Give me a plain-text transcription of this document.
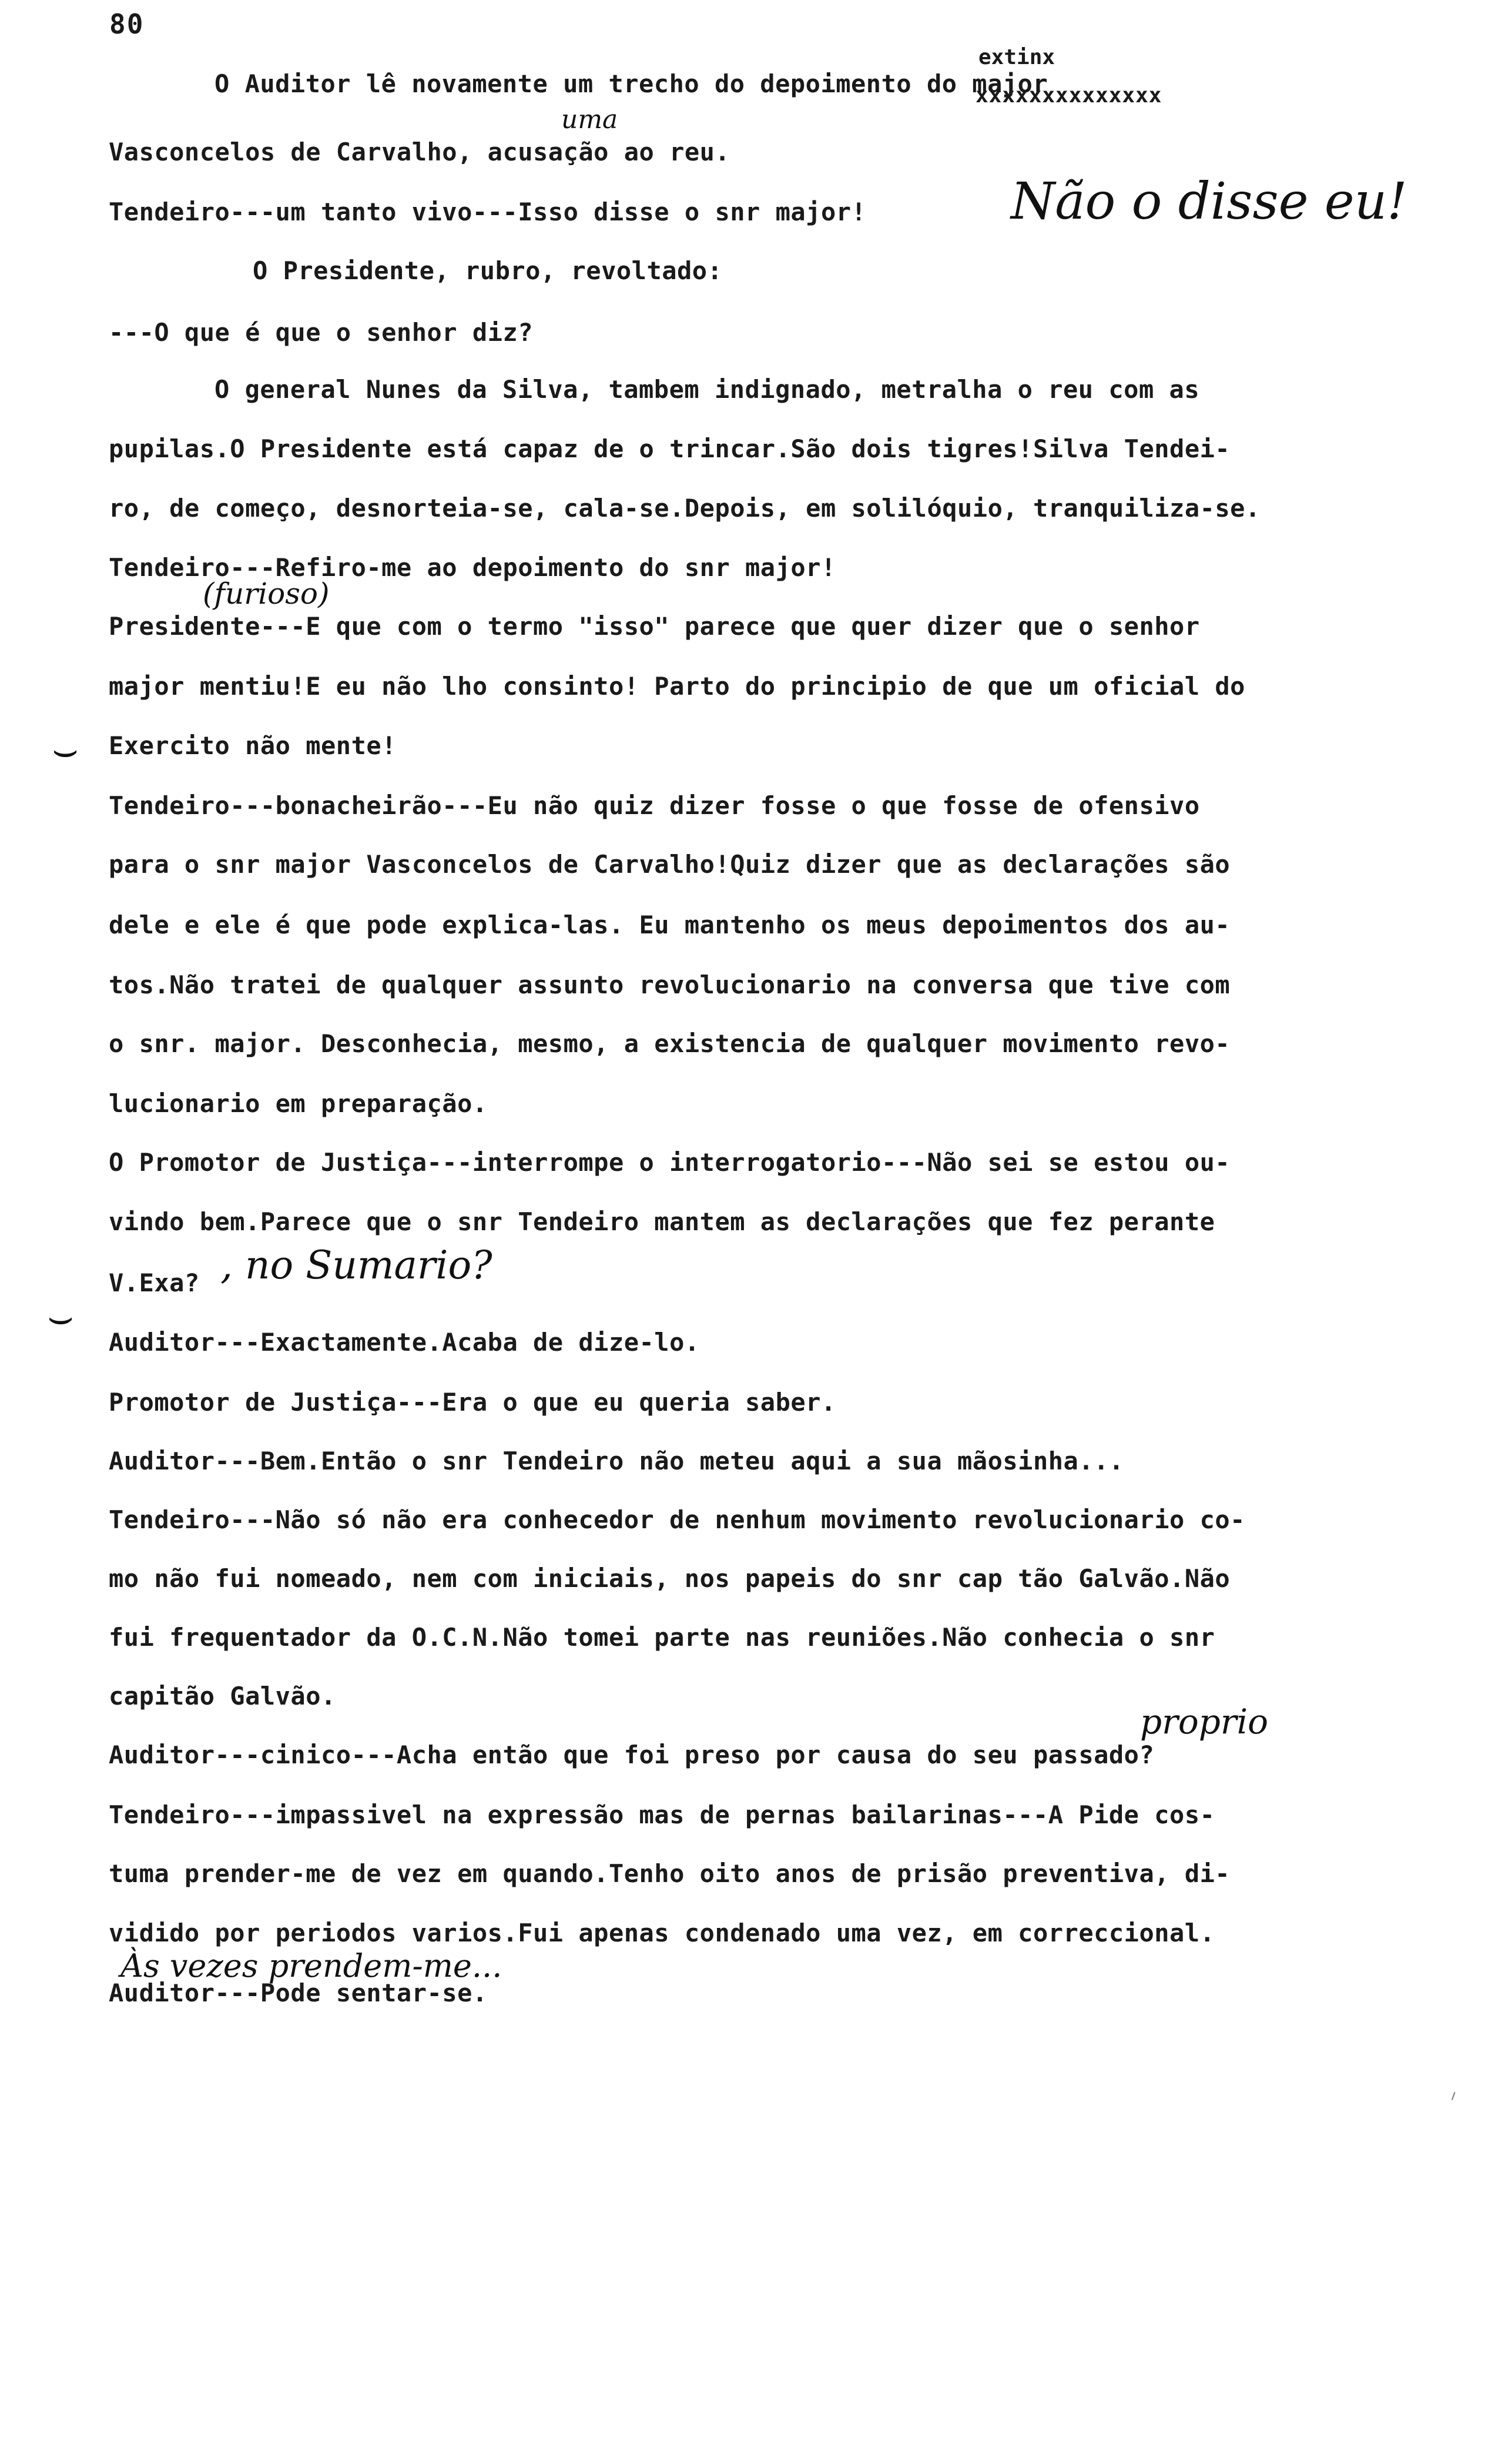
80
extinx
xxxxxxxxxxxxxx
O Auditor lê novamente um trecho do depoimento do major
Vasconcelos de Carvalho, acusação ao reu.
Tendeiro---um tanto vivo---Isso disse o snr major!
O Presidente, rubro, revoltado:
---O que é que o senhor diz?
O general Nunes da Silva, tambem indignado, metralha o reu com as
pupilas.O Presidente está capaz de o trincar.São dois tigres!Silva Tendei-
ro, de começo, desnorteia-se, cala-se.Depois, em solilóquio, tranquiliza-se.
Tendeiro---Refiro-me ao depoimento do snr major!
Presidente---E que com o termo "isso" parece que quer dizer que o senhor
major mentiu!E eu não lho consinto! Parto do principio de que um oficial do
Exercito não mente!
Tendeiro---bonacheirão---Eu não quiz dizer fosse o que fosse de ofensivo
para o snr major Vasconcelos de Carvalho!Quiz dizer que as declarações são
dele e ele é que pode explica-las. Eu mantenho os meus depoimentos dos au-
tos.Não tratei de qualquer assunto revolucionario na conversa que tive com
o snr. major. Desconhecia, mesmo, a existencia de qualquer movimento revo-
lucionario em preparação.
O Promotor de Justiça---interrompe o interrogatorio---Não sei se estou ou-
vindo bem.Parece que o snr Tendeiro mantem as declarações que fez perante
V.Exa?
Auditor---Exactamente.Acaba de dize-lo.
Promotor de Justiça---Era o que eu queria saber.
Auditor---Bem.Então o snr Tendeiro não meteu aqui a sua mãosinha...
Tendeiro---Não só não era conhecedor de nenhum movimento revolucionario co-
mo não fui nomeado, nem com iniciais, nos papeis do snr cap tão Galvão.Não
fui frequentador da O.C.N.Não tomei parte nas reuniões.Não conhecia o snr
capitão Galvão.
Auditor---cinico---Acha então que foi preso por causa do seu passado?
Tendeiro---impassivel na expressão mas de pernas bailarinas---A Pide cos-
tuma prender-me de vez em quando.Tenho oito anos de prisão preventiva, di-
vidido por periodos varios.Fui apenas condenado uma vez, em correccional.
Auditor---Pode sentar-se.
uma
Não o disse eu!
(furioso)
, no Sumario?
proprio
Às vezes prendem-me...
⌣
⌣
